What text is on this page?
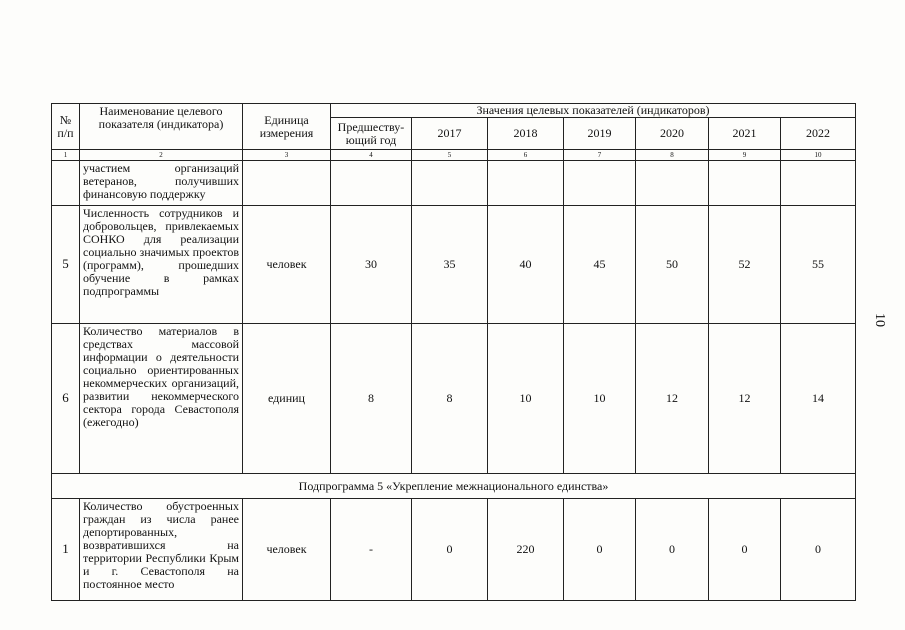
№ п/п	Наименование целевого показателя (индикатора)	Единица измерения	Значения целевых показателей (индикаторов)						
			Предшеству-ющий год	2017	2018	2019	2020	2021	2022
1	2	3	4	5	6	7	8	9	10
	участием организаций ветеранов, получивших финансовую поддержку								
5	Численность сотрудников и добровольцев, привлекаемых СОНКО для реализации социально значимых проектов (программ), прошедших обучение в рамках подпрограммы	человек	30	35	40	45	50	52	55
6	Количество материалов в средствах массовой информации о деятельности социально ориентированных некоммерческих организаций, развитии некоммерческого сектора города Севастополя (ежегодно)	единиц	8	8	10	10	12	12	14
Подпрограмма 5 «Укрепление межнационального единства»									
1	Количество обустроенных граждан из числа ранее депортированных, возвратившихся на территории Республики Крым и г. Севастополя на постоянное место	человек	-	0	220	0	0	0	0
10
